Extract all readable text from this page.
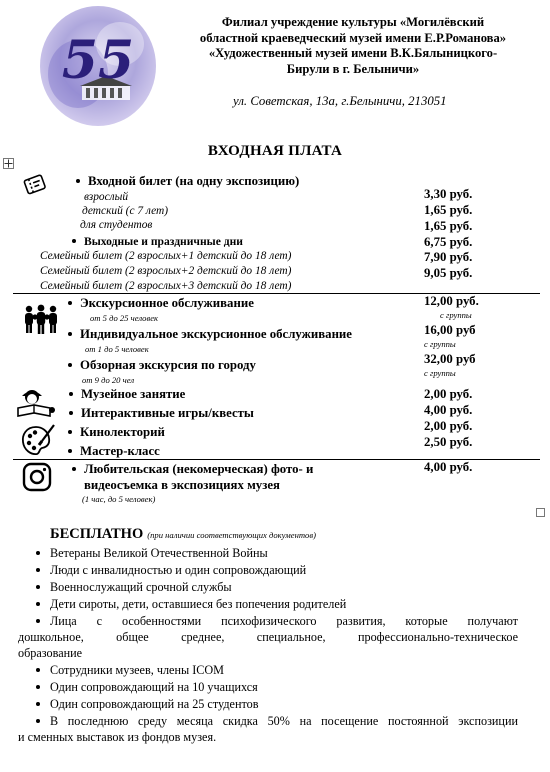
55
Филиал учреждение культуры «Могилёвский
областной краеведческий музей имени Е.Р.Романова»
«Художественный музей имени В.К.Бялыницкого-
Бирули в г. Белыничи»
ул. Советская, 13а, г.Белыничи, 213051
ВХОДНАЯ ПЛАТА
Входной билет (на одну экспозицию)
взрослый
детский (с 7 лет)
для студентов
Выходные и праздничные дни
Семейный билет (2 взрослых+1 детский до 18 лет)
Семейный билет (2 взрослых+2 детский до 18 лет)
Семейный билет (2 взрослых+3 детский до 18 лет)
3,30 руб.
1,65 руб.
1,65 руб.
6,75 руб.
7,90 руб.
9,05 руб.
Экскурсионное обслуживание
от 5 до 25 человек
Индивидуальное экскурсионное обслуживание
от 1 до 5 человек
Обзорная экскурсия по городу
от 9 до 20 чел
12,00 руб.
с группы
16,00 руб
с группы
32,00 руб
с группы
Музейное занятие
Интерактивные игры/квесты
Кинолекторий
Мастер-класс
2,00 руб.
4,00 руб.
2,00 руб.
2,50 руб.
Любительская (некомерческая) фото- и
видеосъемка в экспозициях музея
(1 час, до 5 человек)
4,00 руб.
БЕСПЛАТНО (при наличии соответствующих документов)
Ветераны Великой Отечественной Войны
Люди с инвалидностью и один сопровождающий
Военнослужащий срочной службы
Дети сироты, дети, оставшиеся без попечения родителей
Лица с особенностями психофизического развития, которые получают
дошкольное, общее среднее, специальное, профессионально-техническое
образование
Сотрудники музеев, члены ICOM
Один сопровождающий на 10 учащихся
Один сопровождающий на 25 студентов
В последнюю среду месяца скидка 50% на посещение постоянной экспозиции
и сменных выставок из фондов музея.
